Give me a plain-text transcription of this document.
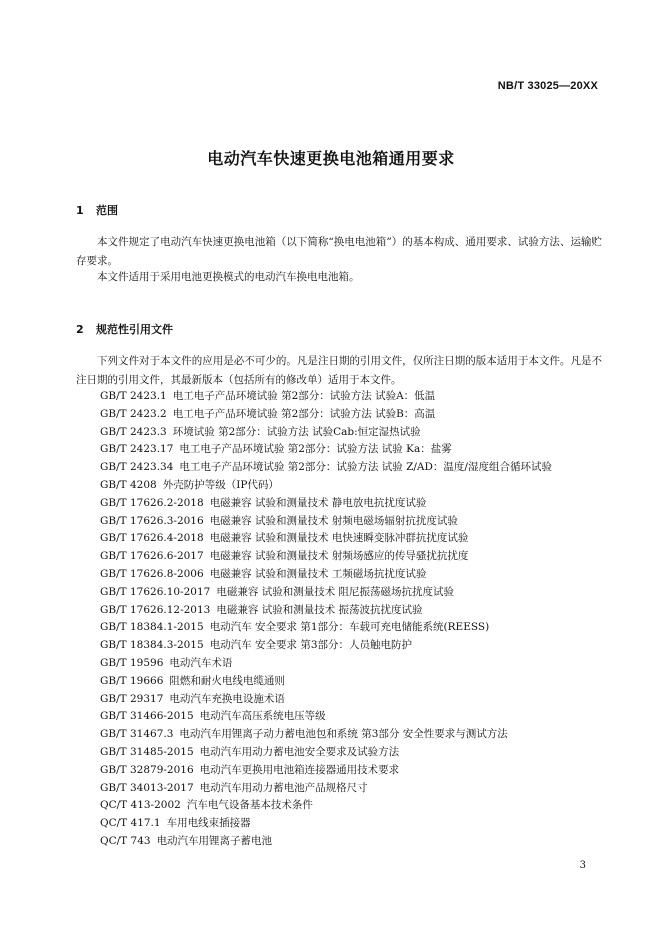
NB/T 33025—20XX
电动汽车快速更换电池箱通用要求
1 范围

本文件规定了电动汽车快速更换电池箱（以下简称“换电电池箱”）的基本构成、通用要求、试验方法、运输贮存要求。

本文件适用于采用电池更换模式的电动汽车换电电池箱。

2 规范性引用文件

下列文件对于本文件的应用是必不可少的。凡是注日期的引用文件，仅所注日期的版本适用于本文件。凡是不注日期的引用文件，其最新版本（包括所有的修改单）适用于本文件。

GB/T 2423.1 电工电子产品环境试验 第2部分：试验方法 试验A：低温
GB/T 2423.2 电工电子产品环境试验 第2部分：试验方法 试验B：高温
GB/T 2423.3 环境试验 第2部分：试验方法 试验Cab:恒定湿热试验
GB/T 2423.17 电工电子产品环境试验 第2部分：试验方法 试验 Ka：盐雾
GB/T 2423.34 电工电子产品环境试验 第2部分：试验方法 试验 Z/AD：温度/湿度组合循环试验
GB/T 4208 外壳防护等级（IP代码）
GB/T 17626.2-2018 电磁兼容 试验和测量技术 静电放电抗扰度试验
GB/T 17626.3-2016 电磁兼容 试验和测量技术 射频电磁场辐射抗扰度试验
GB/T 17626.4-2018 电磁兼容 试验和测量技术 电快速瞬变脉冲群抗扰度试验
GB/T 17626.6-2017 电磁兼容 试验和测量技术 射频场感应的传导骚扰抗扰度
GB/T 17626.8-2006 电磁兼容 试验和测量技术 工频磁场抗扰度试验
GB/T 17626.10-2017 电磁兼容 试验和测量技术 阻尼振荡磁场抗扰度试验
GB/T 17626.12-2013 电磁兼容 试验和测量技术 振荡波抗扰度试验
GB/T 18384.1-2015 电动汽车 安全要求 第1部分：车载可充电储能系统(REESS)
GB/T 18384.3-2015 电动汽车 安全要求 第3部分：人员触电防护
GB/T 19596 电动汽车术语
GB/T 19666 阻燃和耐火电线电缆通则
GB/T 29317 电动汽车充换电设施术语
GB/T 31466-2015 电动汽车高压系统电压等级
GB/T 31467.3 电动汽车用锂离子动力蓄电池包和系统 第3部分 安全性要求与测试方法
GB/T 31485-2015 电动汽车用动力蓄电池安全要求及试验方法
GB/T 32879-2016 电动汽车更换用电池箱连接器通用技术要求
GB/T 34013-2017 电动汽车用动力蓄电池产品规格尺寸
QC/T 413-2002 汽车电气设备基本技术条件
QC/T 417.1 车用电线束插接器
QC/T 743 电动汽车用锂离子蓄电池
3
